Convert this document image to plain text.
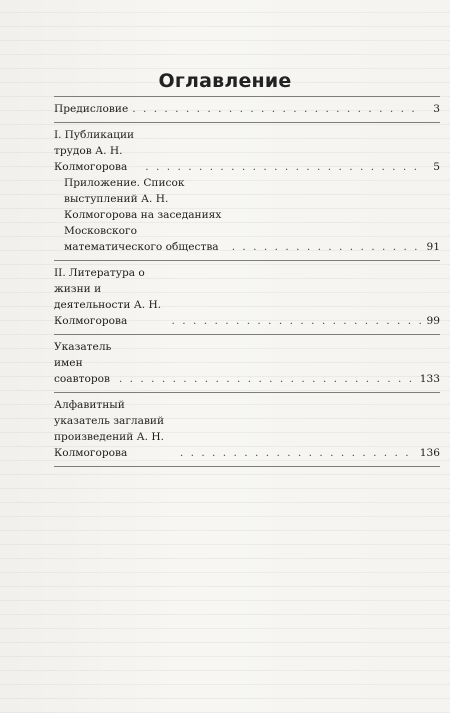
Оглавление
Предисловие . . .	3
I. Публикации трудов А. Н. Колмогорова . . .	5
Приложение. Список выступлений А. Н. Колмогорова на заседаниях Московского математического общества . . .	91
II. Литература о жизни и деятельности А. Н. Колмогорова . . .	99
Указатель имен соавторов . . .	133
Алфавитный указатель заглавий произведений А. Н. Колмогорова . . .	136
